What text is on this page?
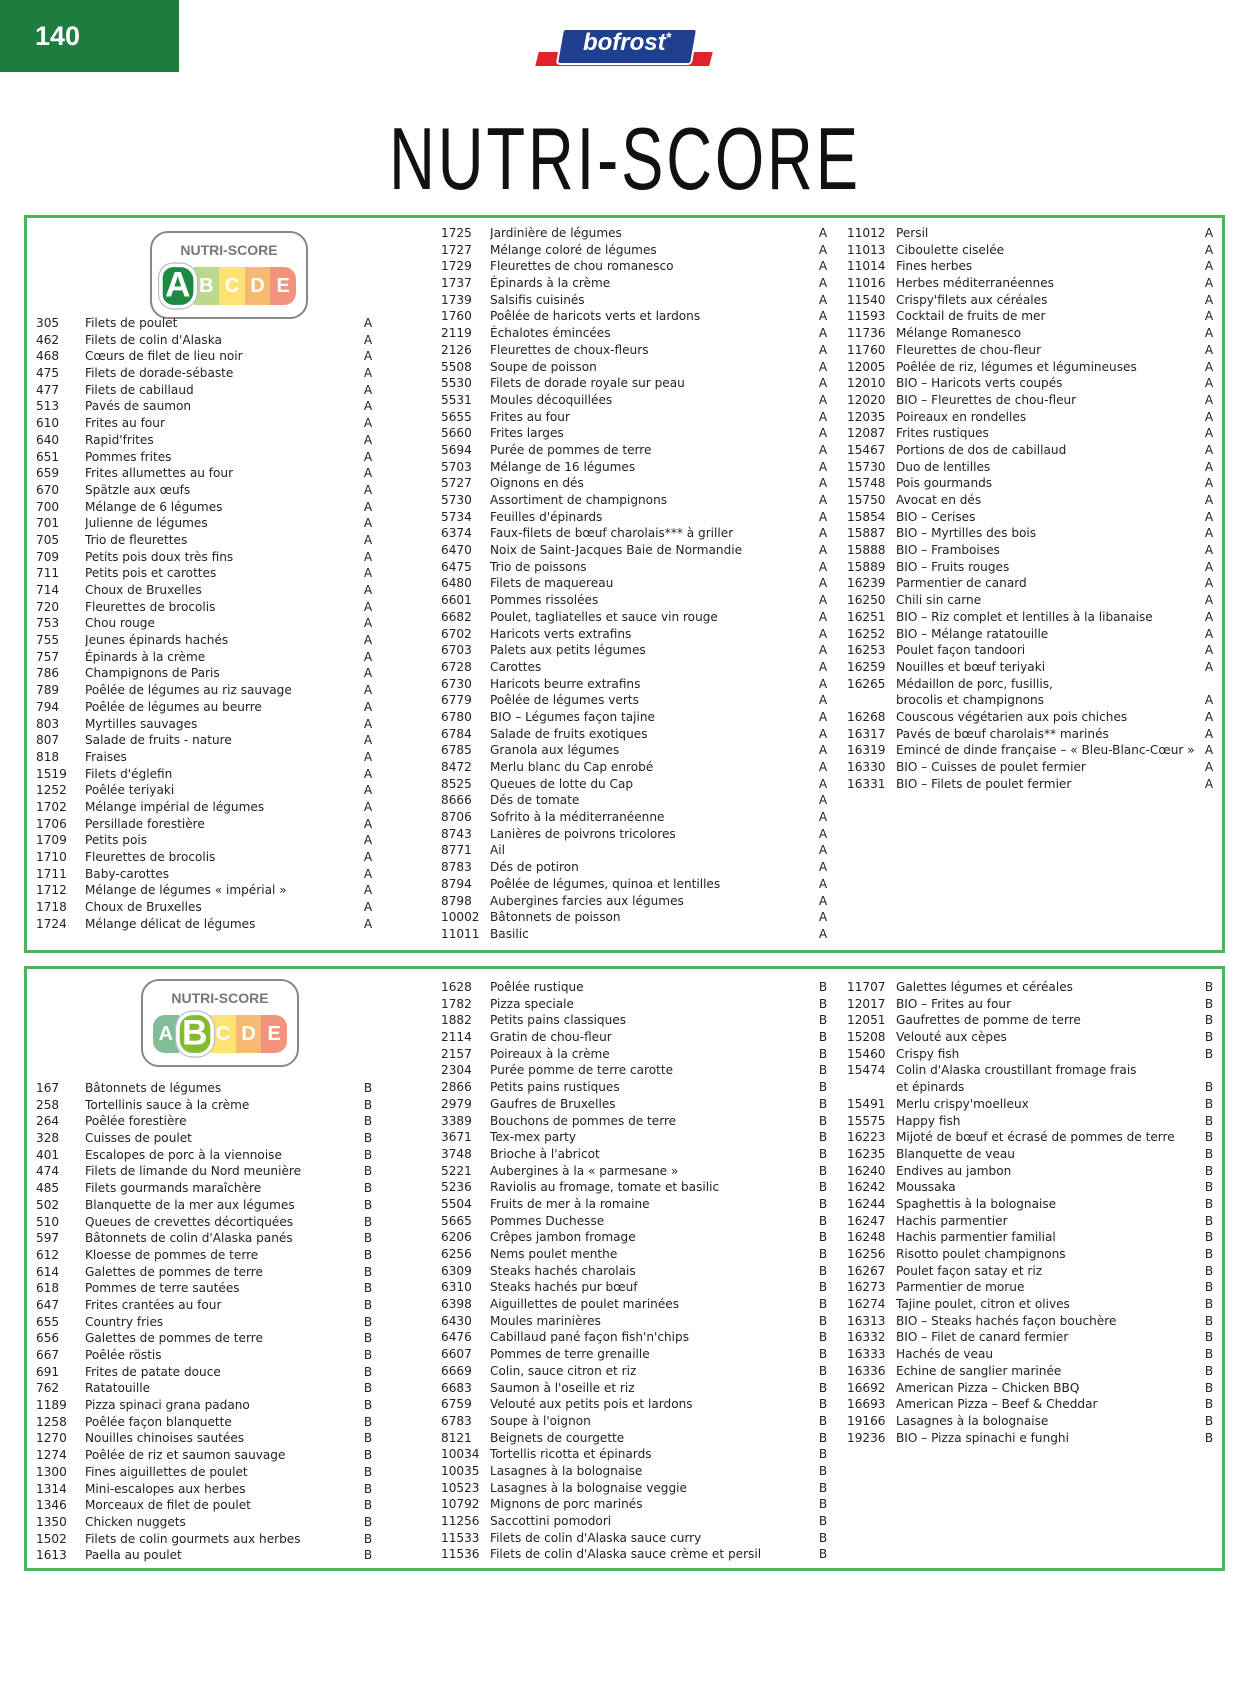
140	bofrost*
NUTRI-SCORE
NUTRI-SCORE
A B C D E
305	Filets de poulet	A
462	Filets de colin d'Alaska	A
468	Cœurs de filet de lieu noir	A
475	Filets de dorade-sébaste	A
477	Filets de cabillaud	A
513	Pavés de saumon	A
610	Frites au four	A
640	Rapid'frites	A
651	Pommes frites	A
659	Frites allumettes au four	A
670	Spätzle aux œufs	A
700	Mélange de 6 légumes	A
701	Julienne de légumes	A
705	Trio de fleurettes	A
709	Petits pois doux très fins	A
711	Petits pois et carottes	A
714	Choux de Bruxelles	A
720	Fleurettes de brocolis	A
753	Chou rouge	A
755	Jeunes épinards hachés	A
757	Épinards à la crème	A
786	Champignons de Paris	A
789	Poêlée de légumes au riz sauvage	A
794	Poêlée de légumes au beurre	A
803	Myrtilles sauvages	A
807	Salade de fruits - nature	A
818	Fraises	A
1519	Filets d'églefin	A
1252	Poêlée teriyaki	A
1702	Mélange impérial de légumes	A
1706	Persillade forestière	A
1709	Petits pois	A
1710	Fleurettes de brocolis	A
1711	Baby-carottes	A
1712	Mélange de légumes « impérial »	A
1718	Choux de Bruxelles	A
1724	Mélange délicat de légumes	A
1725	Jardinière de légumes	A
1727	Mélange coloré de légumes	A
1729	Fleurettes de chou romanesco	A
1737	Épinards à la crème	A
1739	Salsifis cuisinés	A
1760	Poêlée de haricots verts et lardons	A
2119	Échalotes émincées	A
2126	Fleurettes de choux-fleurs	A
5508	Soupe de poisson	A
5530	Filets de dorade royale sur peau	A
5531	Moules décoquillées	A
5655	Frites au four	A
5660	Frites larges	A
5694	Purée de pommes de terre	A
5703	Mélange de 16 légumes	A
5727	Oignons en dés	A
5730	Assortiment de champignons	A
5734	Feuilles d'épinards	A
6374	Faux-filets de bœuf charolais*** à griller	A
6470	Noix de Saint-Jacques Baie de Normandie	A
6475	Trio de poissons	A
6480	Filets de maquereau	A
6601	Pommes rissolées	A
6682	Poulet, tagliatelles et sauce vin rouge	A
6702	Haricots verts extrafins	A
6703	Palets aux petits légumes	A
6728	Carottes	A
6730	Haricots beurre extrafins	A
6779	Poêlée de légumes verts	A
6780	BIO – Légumes façon tajine	A
6784	Salade de fruits exotiques	A
6785	Granola aux légumes	A
8472	Merlu blanc du Cap enrobé	A
8525	Queues de lotte du Cap	A
8666	Dés de tomate	A
8706	Sofrito à la méditerranéenne	A
8743	Lanières de poivrons tricolores	A
8771	Ail	A
8783	Dés de potiron	A
8794	Poêlée de légumes, quinoa et lentilles	A
8798	Aubergines farcies aux légumes	A
10002 Bâtonnets de poisson	A
11011 Basilic	A
11012 Persil	A
11013 Ciboulette ciselée	A
11014 Fines herbes	A
11016 Herbes méditerranéennes	A
11540 Crispy'filets aux céréales	A
11593 Cocktail de fruits de mer	A
11736 Mélange Romanesco	A
11760 Fleurettes de chou-fleur	A
12005 Poêlée de riz, légumes et légumineuses	A
12010 BIO – Haricots verts coupés	A
12020 BIO – Fleurettes de chou-fleur	A
12035 Poireaux en rondelles	A
12087 Frites rustiques	A
15467 Portions de dos de cabillaud	A
15730 Duo de lentilles	A
15748 Pois gourmands	A
15750 Avocat en dés	A
15854 BIO – Cerises	A
15887 BIO – Myrtilles des bois	A
15888 BIO – Framboises	A
15889 BIO – Fruits rouges	A
16239 Parmentier de canard	A
16250 Chili sin carne	A
16251 BIO – Riz complet et lentilles à la libanaise	A
16252 BIO – Mélange ratatouille	A
16253 Poulet façon tandoori	A
16259 Nouilles et bœuf teriyaki	A
16265 Médaillon de porc, fusillis,
brocolis et champignons	A
16268 Couscous végétarien aux pois chiches	A
16317 Pavés de bœuf charolais** marinés	A
16319 Emincé de dinde française – « Bleu-Blanc-Cœur » A
16330 BIO – Cuisses de poulet fermier	A
16331 BIO – Filets de poulet fermier	A
NUTRI-SCORE
A B C D E
167	Bâtonnets de légumes	B
258	Tortellinis sauce à la crème	B
264	Poêlée forestière	B
328	Cuisses de poulet	B
401	Escalopes de porc à la viennoise	B
474	Filets de limande du Nord meunière	B
485	Filets gourmands maraîchère	B
502	Blanquette de la mer aux légumes	B
510	Queues de crevettes décortiquées	B
597	Bâtonnets de colin d'Alaska panés	B
612	Kloesse de pommes de terre	B
614	Galettes de pommes de terre	B
618	Pommes de terre sautées	B
647	Frites crantées au four	B
655	Country fries	B
656	Galettes de pommes de terre	B
667	Poêlée röstis	B
691	Frites de patate douce	B
762	Ratatouille	B
1189	Pizza spinaci grana padano	B
1258	Poêlée façon blanquette	B
1270	Nouilles chinoises sautées	B
1274	Poêlée de riz et saumon sauvage	B
1300	Fines aiguillettes de poulet	B
1314	Mini-escalopes aux herbes	B
1346	Morceaux de filet de poulet	B
1350	Chicken nuggets	B
1502	Filets de colin gourmets aux herbes	B
1613	Paella au poulet	B
1628	Poêlée rustique	B
1782	Pizza speciale	B
1882	Petits pains classiques	B
2114	Gratin de chou-fleur	B
2157	Poireaux à la crème	B
2304	Purée pomme de terre carotte	B
2866	Petits pains rustiques	B
2979	Gaufres de Bruxelles	B
3389	Bouchons de pommes de terre	B
3671	Tex-mex party	B
3748	Brioche à l'abricot	B
5221	Aubergines à la « parmesane »	B
5236	Raviolis au fromage, tomate et basilic	B
5504	Fruits de mer à la romaine	B
5665	Pommes Duchesse	B
6206	Crêpes jambon fromage	B
6256	Nems poulet menthe	B
6309	Steaks hachés charolais	B
6310	Steaks hachés pur bœuf	B
6398	Aiguillettes de poulet marinées	B
6430	Moules marinières	B
6476	Cabillaud pané façon fish'n'chips	B
6607	Pommes de terre grenaille	B
6669	Colin, sauce citron et riz	B
6683	Saumon à l'oseille et riz	B
6759	Velouté aux petits pois et lardons	B
6783	Soupe à l'oignon	B
8121	Beignets de courgette	B
10034 Tortellis ricotta et épinards	B
10035 Lasagnes à la bolognaise	B
10523 Lasagnes à la bolognaise veggie	B
10792 Mignons de porc marinés	B
11256 Saccottini pomodori	B
11533 Filets de colin d'Alaska sauce curry	B
11536 Filets de colin d'Alaska sauce crème et persil	B
11707 Galettes légumes et céréales	B
12017 BIO – Frites au four	B
12051 Gaufrettes de pomme de terre	B
15208 Velouté aux cèpes	B
15460 Crispy fish	B
15474 Colin d'Alaska croustillant fromage frais
et épinards	B
15491 Merlu crispy'moelleux	B
15575 Happy fish	B
16223 Mijoté de bœuf et écrasé de pommes de terre	B
16235 Blanquette de veau	B
16240 Endives au jambon	B
16242 Moussaka	B
16244 Spaghettis à la bolognaise	B
16247 Hachis parmentier	B
16248 Hachis parmentier familial	B
16256 Risotto poulet champignons	B
16267 Poulet façon satay et riz	B
16273 Parmentier de morue	B
16274 Tajine poulet, citron et olives	B
16313 BIO – Steaks hachés façon bouchère	B
16332 BIO – Filet de canard fermier	B
16333 Hachés de veau	B
16336 Echine de sanglier marinée	B
16692 American Pizza – Chicken BBQ	B
16693 American Pizza – Beef & Cheddar	B
19166 Lasagnes à la bolognaise	B
19236 BIO – Pizza spinachi e funghi	B
